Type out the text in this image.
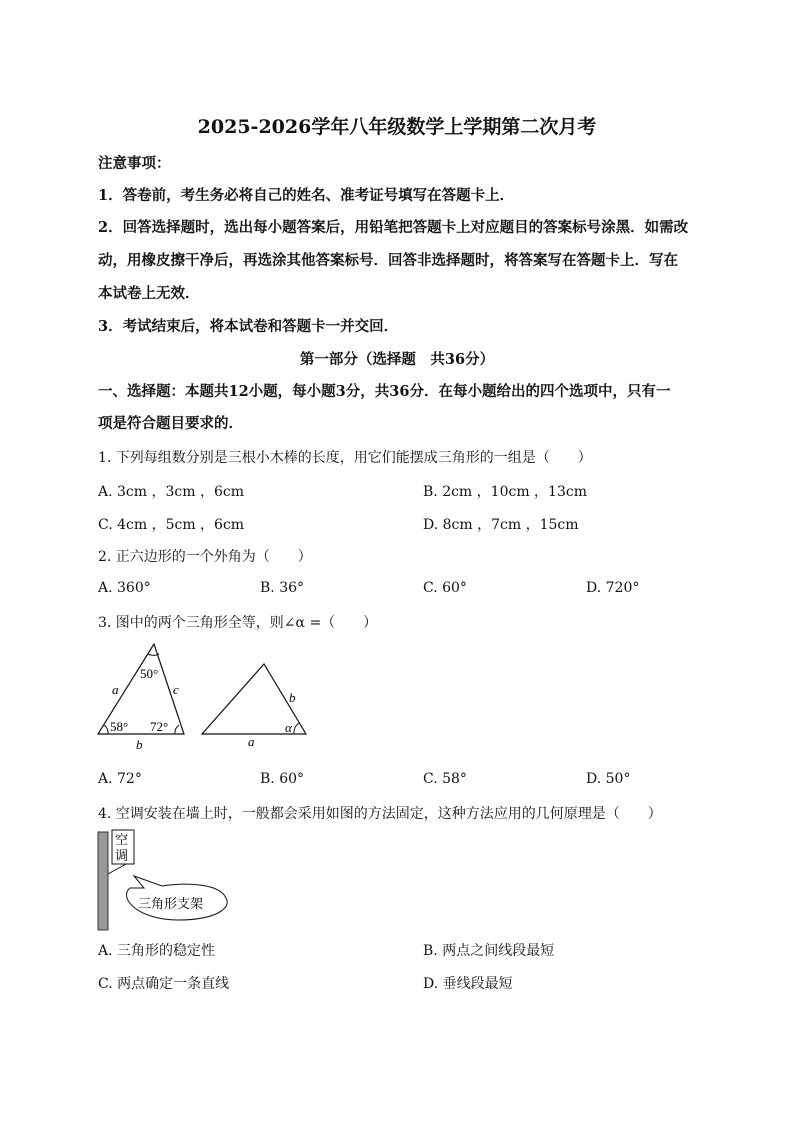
2025-2026学年八年级数学上学期第二次月考
注意事项：
1．答卷前，考生务必将自己的姓名、准考证号填写在答题卡上．
2．回答选择题时，选出每小题答案后，用铅笔把答题卡上对应题目的答案标号涂黑．如需改
动，用橡皮擦干净后，再选涂其他答案标号．回答非选择题时，将答案写在答题卡上．写在
本试卷上无效．
3．考试结束后，将本试卷和答题卡一并交回．
第一部分（选择题　共36分）
一、选择题：本题共12小题，每小题3分，共36分．在每小题给出的四个选项中，只有一
项是符合题目要求的．
1. 下列每组数分别是三根小木棒的长度，用它们能摆成三角形的一组是（　　）
A. 3cm ，3cm ，6cm	B. 2cm ，10cm ，13cm
C. 4cm ，5cm ，6cm	D. 8cm ，7cm ，15cm
2. 正六边形的一个外角为（　　）
A. 360°	B. 36°	C. 60°	D. 720°
3. 图中的两个三角形全等，则∠α =（　　）
50°
58° 72°
a	c
b
b
a
α
A. 72°	B. 60°	C. 58°	D. 50°
4. 空调安装在墙上时，一般都会采用如图的方法固定，这种方法应用的几何原理是（　　）
空
调
三角形支架
A. 三角形的稳定性	B. 两点之间线段最短
C. 两点确定一条直线	D. 垂线段最短
